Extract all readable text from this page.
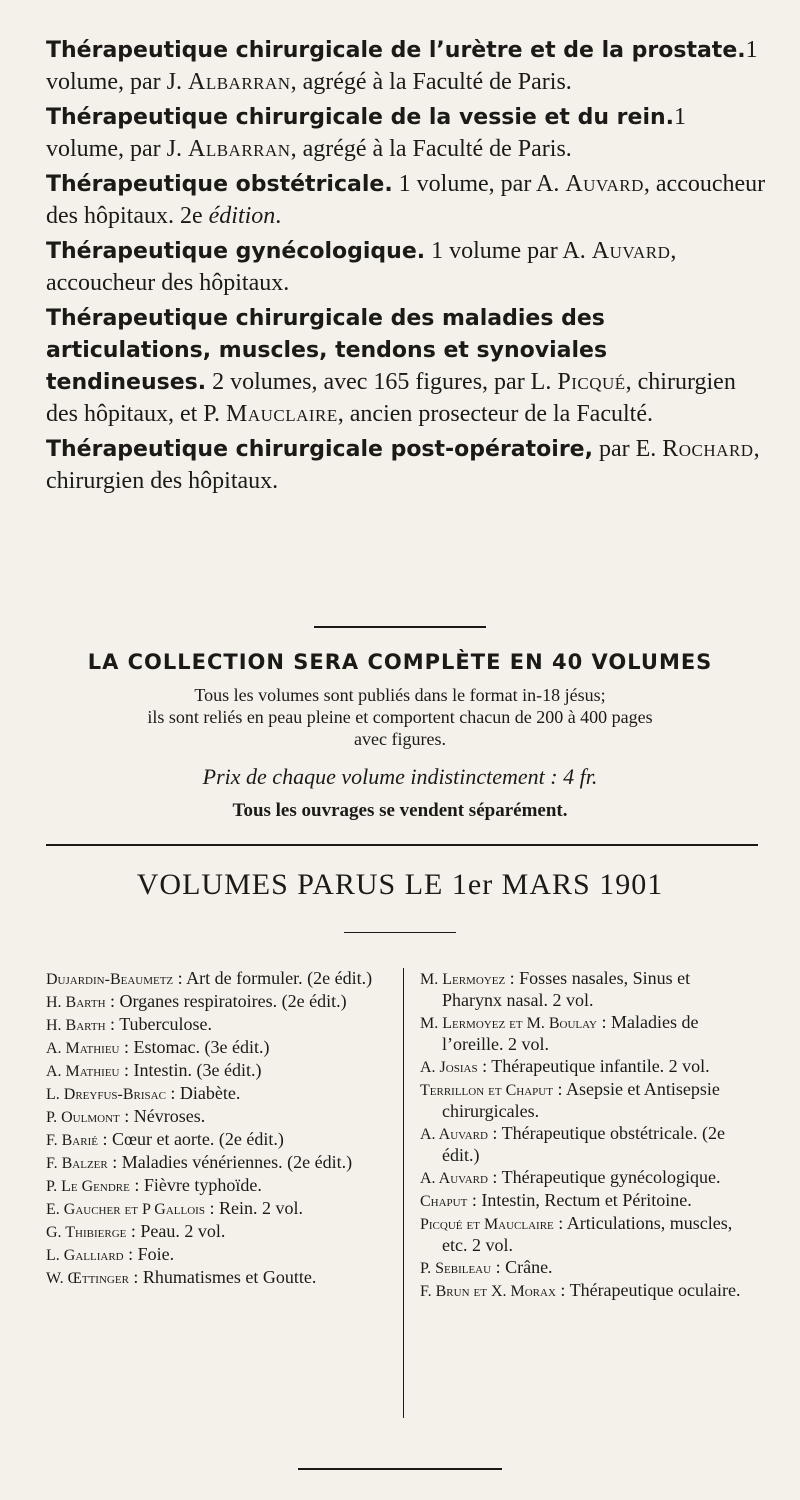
Thérapeutique chirurgicale de l’urètre et de la prostate.1 volume, par J. Albarran, agrégé à la Faculté de Paris.
Thérapeutique chirurgicale de la vessie et du rein.1 volume, par J. Albarran, agrégé à la Faculté de Paris.
Thérapeutique obstétricale. 1 volume, par A. Auvard, accoucheur des hôpitaux. 2e édition.
Thérapeutique gynécologique. 1 volume par A. Auvard, accoucheur des hôpitaux.
Thérapeutique chirurgicale des maladies des articulations, muscles, tendons et synoviales tendineuses. 2 volumes, avec 165 figures, par L. Picqué, chirurgien des hôpitaux, et P. Mauclaire, ancien prosecteur de la Faculté.
Thérapeutique chirurgicale post-opératoire, par E. Rochard, chirurgien des hôpitaux.
LA COLLECTION SERA COMPLÈTE EN 40 VOLUMES
Tous les volumes sont publiés dans le format in-18 jésus;
ils sont reliés en peau pleine et comportent chacun de 200 à 400 pages
avec figures.
Prix de chaque volume indistinctement : 4 fr.
Tous les ouvrages se vendent séparément.
VOLUMES PARUS LE 1er MARS 1901
Dujardin-Beaumetz : Art de formuler. (2e édit.)
H. Barth : Organes respiratoires. (2e édit.)
H. Barth : Tuberculose.
A. Mathieu : Estomac. (3e édit.)
A. Mathieu : Intestin. (3e édit.)
L. Dreyfus-Brisac : Diabète.
P. Oulmont : Névroses.
F. Barié : Cœur et aorte. (2e édit.)
F. Balzer : Maladies vénériennes. (2e édit.)
P. Le Gendre : Fièvre typhoïde.
E. Gaucher et P Gallois : Rein. 2 vol.
G. Thibierge : Peau. 2 vol.
L. Galliard : Foie.
W. Œttinger : Rhumatismes et Goutte.
M. Lermoyez : Fosses nasales, Sinus et Pharynx nasal. 2 vol.
M. Lermoyez et M. Boulay : Maladies de l’oreille. 2 vol.
A. Josias : Thérapeutique infantile. 2 vol.
Terrillon et Chaput : Asepsie et Antisepsie chirurgicales.
A. Auvard : Thérapeutique obstétricale. (2e édit.)
A. Auvard : Thérapeutique gynécologique.
Chaput : Intestin, Rectum et Péritoine.
Picqué et Mauclaire : Articulations, muscles, etc. 2 vol.
P. Sebileau : Crâne.
F. Brun et X. Morax : Thérapeutique oculaire.
